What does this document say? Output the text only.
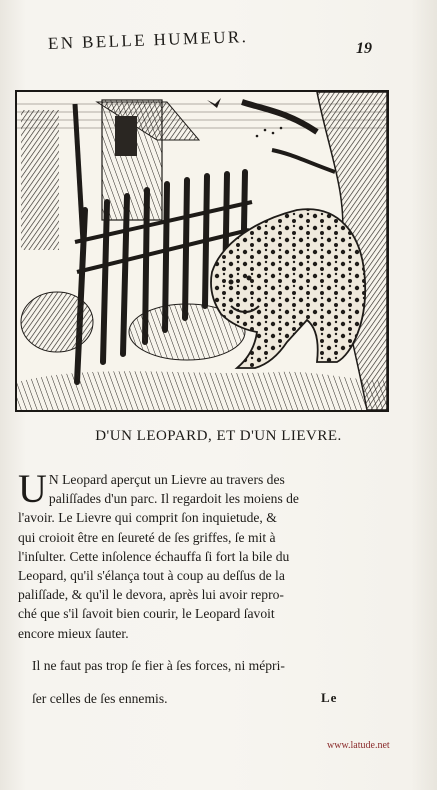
EN BELLE HUMEUR.	19
D'UN LEOPARD, ET D'UN LIEVRE.
U N Leopard aperçut un Lievre au travers des

paliſſades d'un parc. Il regardoit les moiens de

l'avoir. Le Lievre qui comprit ſon inquietude, &

qui croioit être en ſeureté de ſes griffes, ſe mit à

l'inſulter. Cette inſolence échauffa ſi fort la bile du

Leopard, qu'il s'élança tout à coup au deſſus de la

paliſſade, & qu'il le devora, après lui avoir repro-

ché que s'il ſavoit bien courir, le Leopard ſavoit

encore mieux ſauter.

Il ne faut pas trop ſe fier à ſes forces, ni mépri-

ſer celles de ſes ennemis.	Le
www.latude.net
